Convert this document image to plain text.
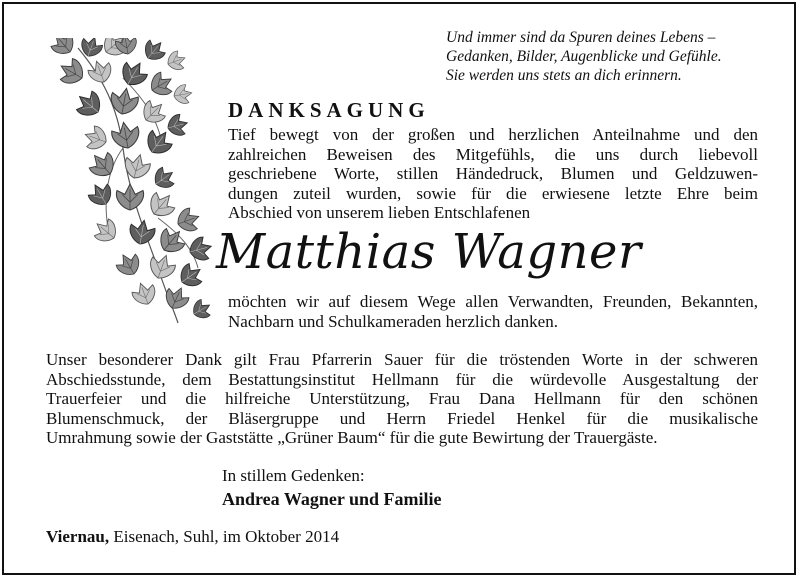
Und immer sind da Spuren deines Lebens –
Gedanken, Bilder, Augenblicke und Gefühle.
Sie werden uns stets an dich erinnern.
DANKSAGUNG
Tief bewegt von der großen und herzlichen Anteilnahme und den
zahlreichen Beweisen des Mitgefühls, die uns durch liebevoll
geschriebene Worte, stillen Händedruck, Blumen und Geldzuwen-
dungen zuteil wurden, sowie für die erwiesene letzte Ehre beim
Abschied von unserem lieben Entschlafenen
Matthias Wagner
möchten wir auf diesem Wege allen Verwandten, Freunden, Bekannten,
Nachbarn und Schulkameraden herzlich danken.
Unser besonderer Dank gilt Frau Pfarrerin Sauer für die tröstenden Worte in der schweren
Abschiedsstunde, dem Bestattungsinstitut Hellmann für die würdevolle Ausgestaltung der
Trauerfeier und die hilfreiche Unterstützung, Frau Dana Hellmann für den schönen
Blumenschmuck, der Bläsergruppe und Herrn Friedel Henkel für die musikalische
Umrahmung sowie der Gaststätte „Grüner Baum“ für die gute Bewirtung der Trauergäste.
In stillem Gedenken:
Andrea Wagner und Familie
Viernau, Eisenach, Suhl, im Oktober 2014
